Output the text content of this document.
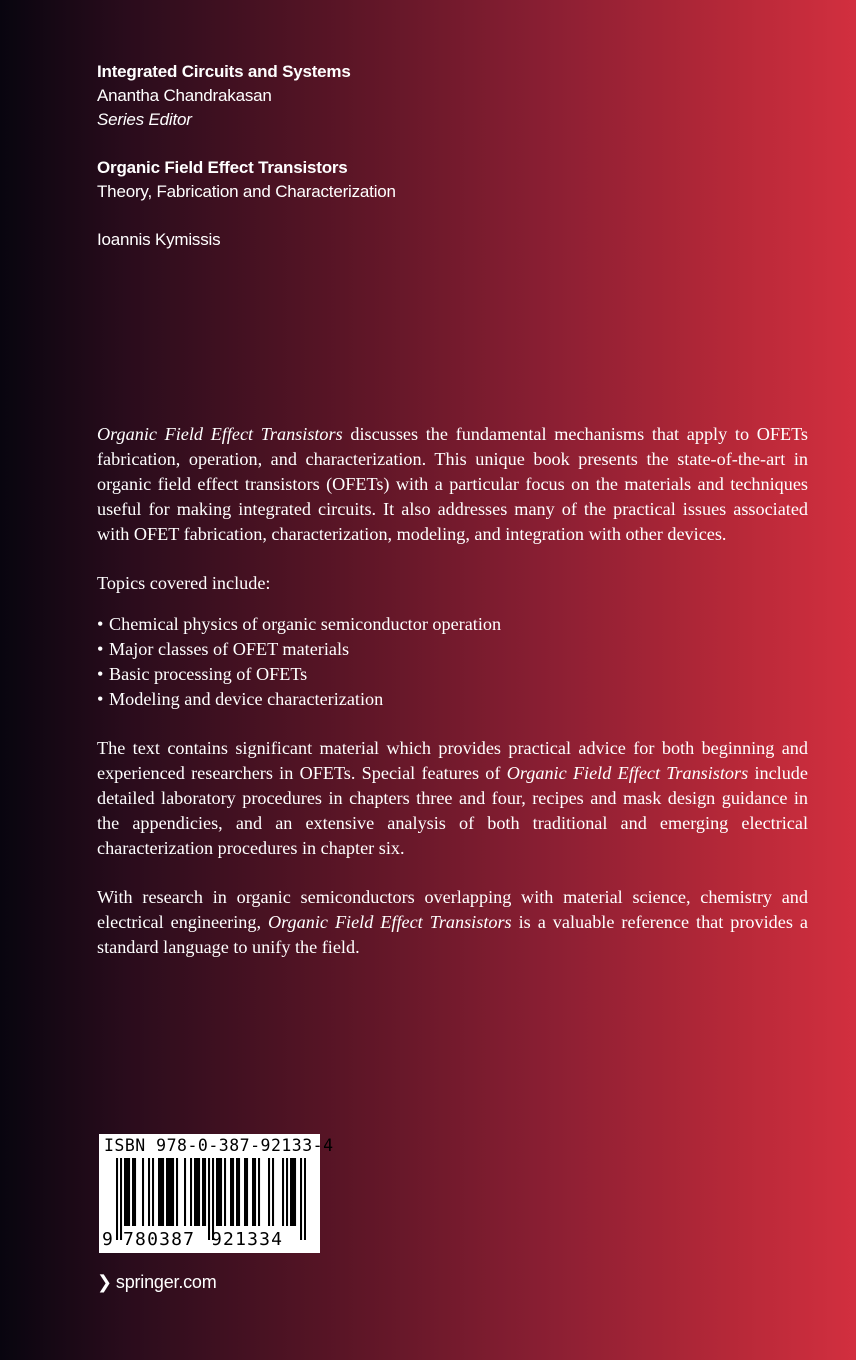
Integrated Circuits and Systems
Anantha Chandrakasan
Series Editor
Organic Field Effect Transistors
Theory, Fabrication and Characterization
Ioannis Kymissis

Organic Field Effect Transistors discusses the fundamental mechanisms that apply to OFETs fabrication, operation, and characterization. This unique book presents the state-of-the-art in organic field effect transistors (OFETs) with a particular focus on the materials and techniques useful for making integrated circuits. It also addresses many of the practical issues associated with OFET fabrication, characterization, modeling, and integration with other devices.

Topics covered include:

• Chemical physics of organic semiconductor operation
• Major classes of OFET materials
• Basic processing of OFETs
• Modeling and device characterization

The text contains significant material which provides practical advice for both beginning and experienced researchers in OFETs. Special features of Organic Field Effect Transistors include detailed laboratory procedures in chapters three and four, recipes and mask design guidance in the appendicies, and an extensive analysis of both traditional and emerging electrical characterization procedures in chapter six.

With research in organic semiconductors overlapping with material science, chemistry and electrical engineering, Organic Field Effect Transistors is a valuable reference that provides a standard language to unify the field.

ISBN 978-0-387-92133-4
9 780387 921334
❯ springer.com
